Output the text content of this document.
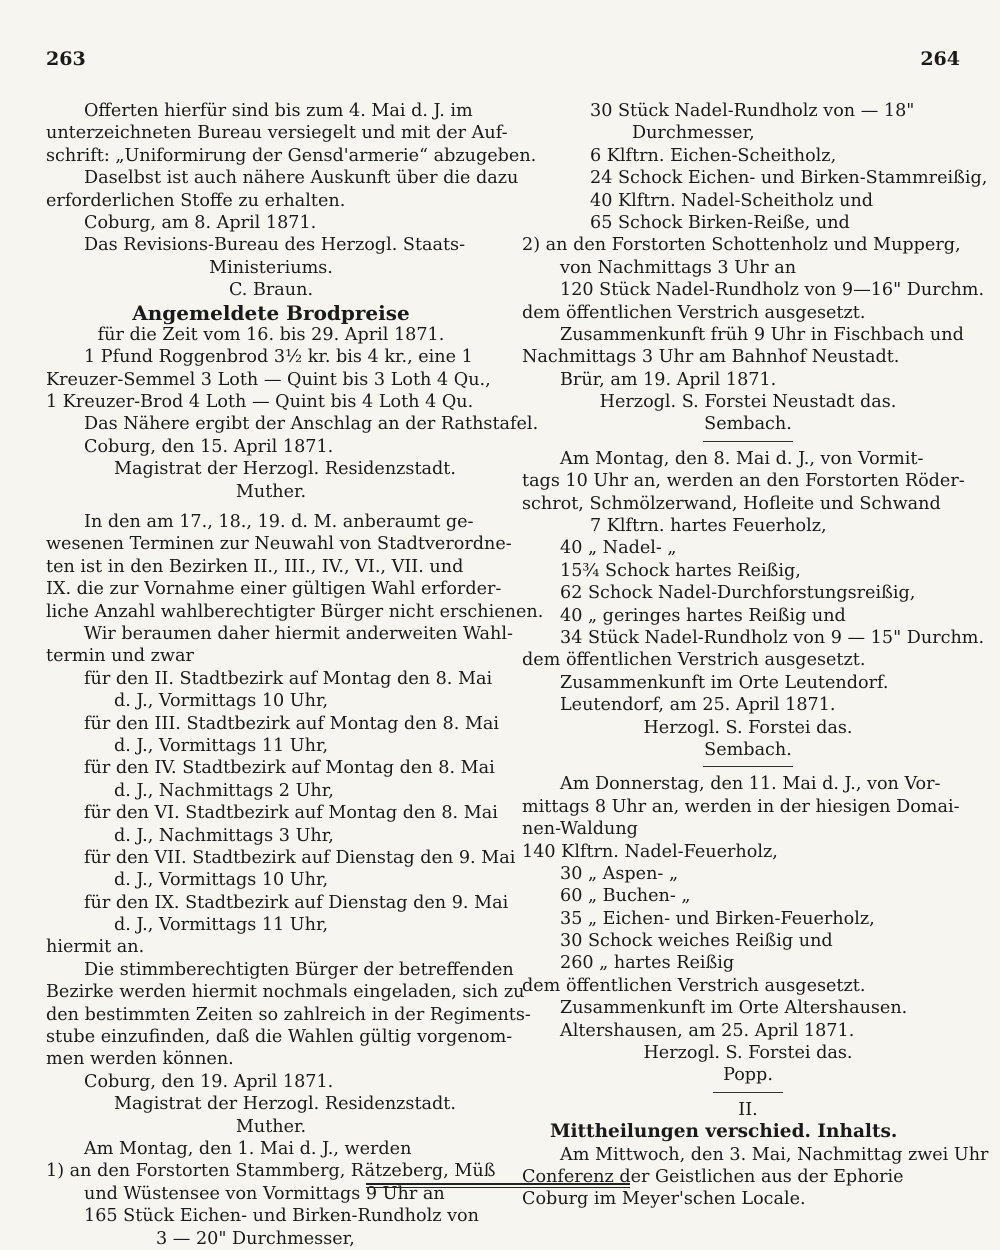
263	264
Offerten hierfür sind bis zum 4. Mai d. J. im
unterzeichneten Bureau versiegelt und mit der Auf-
schrift: „Uniformirung der Gensd'armerie“ abzugeben.
Daselbst ist auch nähere Auskunft über die dazu
erforderlichen Stoffe zu erhalten.
Coburg, am 8. April 1871.
Das Revisions-Bureau des Herzogl. Staats-
Ministeriums.
C. Braun.
Angemeldete Brodpreise
für die Zeit vom 16. bis 29. April 1871.
1 Pfund Roggenbrod 3½ kr. bis 4 kr., eine 1
Kreuzer-Semmel 3 Loth — Quint bis 3 Loth 4 Qu.,
1 Kreuzer-Brod 4 Loth — Quint bis 4 Loth 4 Qu.
Das Nähere ergibt der Anschlag an der Rathstafel.
Coburg, den 15. April 1871.
Magistrat der Herzogl. Residenzstadt.
Muther.
In den am 17., 18., 19. d. M. anberaumt ge-
wesenen Terminen zur Neuwahl von Stadtverordne-
ten ist in den Bezirken II., III., IV., VI., VII. und
IX. die zur Vornahme einer gültigen Wahl erforder-
liche Anzahl wahlberechtigter Bürger nicht erschienen.
Wir beraumen daher hiermit anderweiten Wahl-
termin und zwar
für den II. Stadtbezirk auf Montag den 8. Mai
d. J., Vormittags 10 Uhr,
für den III. Stadtbezirk auf Montag den 8. Mai
d. J., Vormittags 11 Uhr,
für den IV. Stadtbezirk auf Montag den 8. Mai
d. J., Nachmittags 2 Uhr,
für den VI. Stadtbezirk auf Montag den 8. Mai
d. J., Nachmittags 3 Uhr,
für den VII. Stadtbezirk auf Dienstag den 9. Mai
d. J., Vormittags 10 Uhr,
für den IX. Stadtbezirk auf Dienstag den 9. Mai
d. J., Vormittags 11 Uhr,
hiermit an.
Die stimmberechtigten Bürger der betreffenden
Bezirke werden hiermit nochmals eingeladen, sich zu
den bestimmten Zeiten so zahlreich in der Regiments-
stube einzufinden, daß die Wahlen gültig vorgenom-
men werden können.
Coburg, den 19. April 1871.
Magistrat der Herzogl. Residenzstadt.
Muther.
Am Montag, den 1. Mai d. J., werden
1) an den Forstorten Stammberg, Rätzeberg, Müß
und Wüstensee von Vormittags 9 Uhr an
165 Stück Eichen- und Birken-Rundholz von
3 — 20" Durchmesser,
30 Stück Nadel-Rundholz von — 18"
Durchmesser,
6 Klftrn. Eichen-Scheitholz,
24 Schock Eichen- und Birken-Stammreißig,
40 Klftrn. Nadel-Scheitholz und
65 Schock Birken-Reiße, und
2) an den Forstorten Schottenholz und Mupperg,
von Nachmittags 3 Uhr an
120 Stück Nadel-Rundholz von 9—16" Durchm.
dem öffentlichen Verstrich ausgesetzt.
Zusammenkunft früh 9 Uhr in Fischbach und
Nachmittags 3 Uhr am Bahnhof Neustadt.
Brür, am 19. April 1871.
Herzogl. S. Forstei Neustadt das.
Sembach.
Am Montag, den 8. Mai d. J., von Vormit-
tags 10 Uhr an, werden an den Forstorten Röder-
schrot, Schmölzerwand, Hofleite und Schwand
7 Klftrn. hartes Feuerholz,
40 „ Nadel- „
15¾ Schock hartes Reißig,
62 Schock Nadel-Durchforstungsreißig,
40 „ geringes hartes Reißig und
34 Stück Nadel-Rundholz von 9 — 15" Durchm.
dem öffentlichen Verstrich ausgesetzt.
Zusammenkunft im Orte Leutendorf.
Leutendorf, am 25. April 1871.
Herzogl. S. Forstei das.
Sembach.
Am Donnerstag, den 11. Mai d. J., von Vor-
mittags 8 Uhr an, werden in der hiesigen Domai-
nen-Waldung
140 Klftrn. Nadel-Feuerholz,
30 „ Aspen- „
60 „ Buchen- „
35 „ Eichen- und Birken-Feuerholz,
30 Schock weiches Reißig und
260 „ hartes Reißig
dem öffentlichen Verstrich ausgesetzt.
Zusammenkunft im Orte Altershausen.
Altershausen, am 25. April 1871.
Herzogl. S. Forstei das.
Popp.
II.
Mittheilungen verschied. Inhalts.
Am Mittwoch, den 3. Mai, Nachmittag zwei Uhr
Conferenz der Geistlichen aus der Ephorie
Coburg im Meyer'schen Locale.
